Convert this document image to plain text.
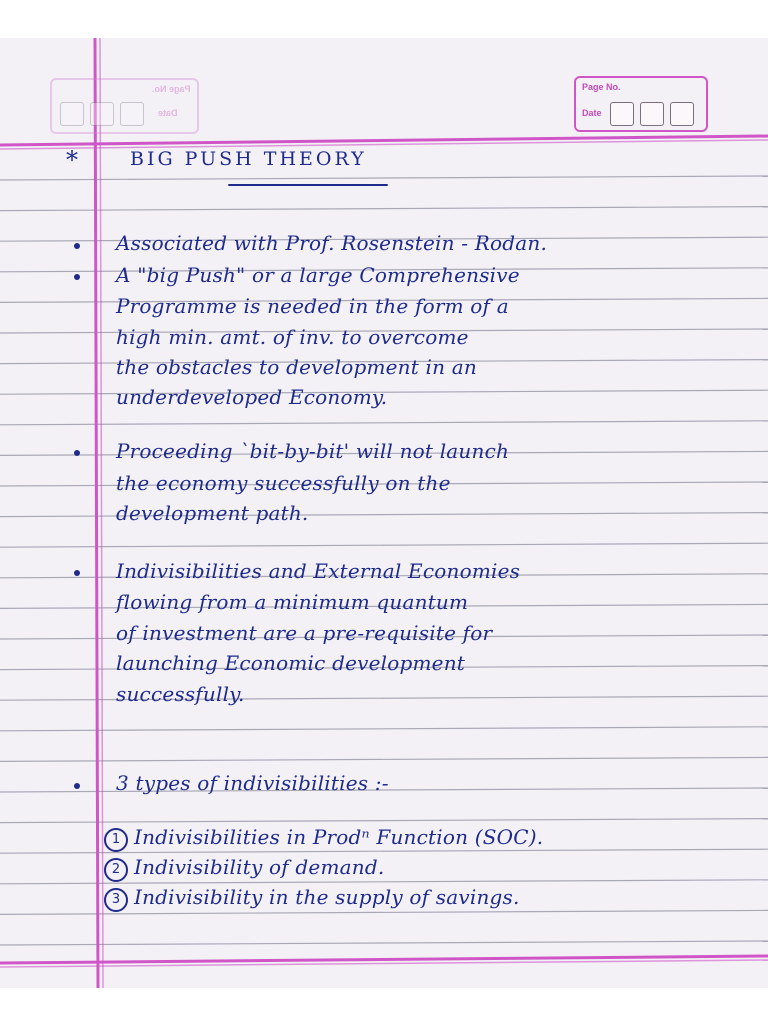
Page No.
Date
Page No.
Date
*	BIG PUSH THEORY
Associated with Prof. Rosenstein - Rodan.
A "big Push" or a large Comprehensive
Programme is needed in the form of a
high min. amt. of inv. to overcome
the obstacles to development in an
underdeveloped Economy.
Proceeding `bit-by-bit' will not launch
the economy successfully on the
development path.
Indivisibilities and External Economies
flowing from a minimum quantum
of investment are a pre-requisite for
launching Economic development
successfully.
3 types of indivisibilities :-
1 Indivisibilities in Prodⁿ Function (SOC).
2 Indivisibility of demand.
3 Indivisibility in the supply of savings.
